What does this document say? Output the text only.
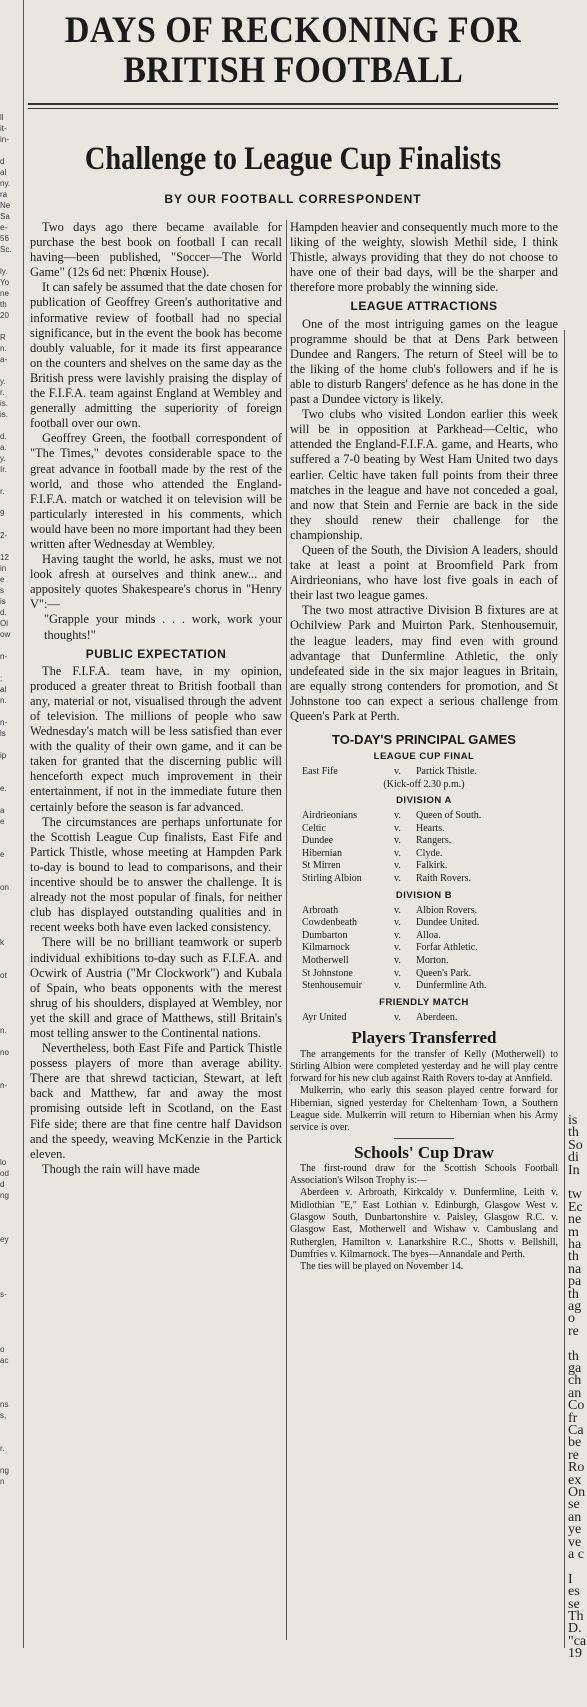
ll
it-
in-
d
al
ny.
ra
Ne
Sa
e-
56
Sc.
ly.
Yo
ne
th
20
R
n.
a-
y.
r.
is.
is.
d.
a.
y.
Ir.
r.
9
2-
12
in
e
s
is
d.
Ol
ow
n-
;
al
n.
n-
ls
ip
e.
a
e
e
on
k
ot
n.
no
n-
lo
od
d
ng
ey
s-
o
ac
ns
s,
r.
ng
n
is
th
So
di
In
tw
Ec
ne
m
ha
th
na
pa
th
ag
o
re
th
ga
ch
an
Co
fr
Ca
be
re
Ro
ex
On
se
an
ye
ve
a c
I
es
se
Th
D.
"ca
19
DAYS OF RECKONING FOR
BRITISH FOOTBALL
Challenge to League Cup Finalists
BY OUR FOOTBALL CORRESPONDENT

Two days ago there became available for purchase the best book on football I can recall having—been published, "Soccer—The World Game" (12s 6d net: Phœnix House).

It can safely be assumed that the date chosen for publication of Geoffrey Green's authoritative and informative review of football had no special significance, but in the event the book has become doubly valuable, for it made its first appearance on the counters and shelves on the same day as the British press were lavishly praising the display of the F.I.F.A. team against England at Wembley and generally admitting the superiority of foreign football over our own.

Geoffrey Green, the football correspondent of "The Times," devotes considerable space to the great advance in football made by the rest of the world, and those who attended the England-F.I.F.A. match or watched it on television will be particularly interested in his comments, which would have been no more important had they been written after Wednesday at Wembley.

Having taught the world, he asks, must we not look afresh at ourselves and think anew... and appositely quotes Shakespeare's chorus in "Henry V":—

"Grapple your minds . . . work, work your thoughts!"

PUBLIC EXPECTATION

The F.I.F.A. team have, in my opinion, produced a greater threat to British football than any, material or not, visualised through the advent of television. The millions of people who saw Wednesday's match will be less satisfied than ever with the quality of their own game, and it can be taken for granted that the discerning public will henceforth expect much improvement in their entertainment, if not in the immediate future then certainly before the season is far advanced.

The circumstances are perhaps unfortunate for the Scottish League Cup finalists, East Fife and Partick Thistle, whose meeting at Hampden Park to-day is bound to lead to comparisons, and their incentive should be to answer the challenge. It is already not the most popular of finals, for neither club has displayed outstanding qualities and in recent weeks both have even lacked consistency.

There will be no brilliant teamwork or superb individual exhibitions to-day such as F.I.F.A. and Ocwirk of Austria ("Mr Clockwork") and Kubala of Spain, who beats opponents with the merest shrug of his shoulders, displayed at Wembley, nor yet the skill and grace of Matthews, still Britain's most telling answer to the Continental nations.

Nevertheless, both East Fife and Partick Thistle possess players of more than average ability. There are that shrewd tactician, Stewart, at left back and Matthew, far and away the most promising outside left in Scotland, on the East Fife side; there are that fine centre half Davidson and the speedy, weaving McKenzie in the Partick eleven.

Though the rain will have made

Hampden heavier and consequently much more to the liking of the weighty, slowish Methil side, I think Thistle, always providing that they do not choose to have one of their bad days, will be the sharper and therefore more probably the winning side.

LEAGUE ATTRACTIONS

One of the most intriguing games on the league programme should be that at Dens Park between Dundee and Rangers. The return of Steel will be to the liking of the home club's followers and if he is able to disturb Rangers' defence as he has done in the past a Dundee victory is likely.

Two clubs who visited London earlier this week will be in opposition at Parkhead—Celtic, who attended the England-F.I.F.A. game, and Hearts, who suffered a 7-0 beating by West Ham United two days earlier. Celtic have taken full points from their three matches in the league and have not conceded a goal, and now that Stein and Fernie are back in the side they should renew their challenge for the championship.

Queen of the South, the Division A leaders, should take at least a point at Broomfield Park from Airdrieonians, who have lost five goals in each of their last two league games.

The two most attractive Division B fixtures are at Ochilview Park and Muirton Park. Stenhousemuir, the league leaders, may find even with ground advantage that Dunfermline Athletic, the only undefeated side in the six major leagues in Britain, are equally strong contenders for promotion, and St Johnstone too can expect a serious challenge from Queen's Park at Perth.

TO-DAY'S PRINCIPAL GAMES
LEAGUE CUP FINAL
East Fife	v.	Partick Thistle.
(Kick-off 2.30 p.m.)
DIVISION A
Airdrieonians	v.	Queen of South.
Celtic	v.	Hearts.
Dundee	v.	Rangers.
Hibernian	v.	Clyde.
St Mirren	v.	Falkirk.
Stirling Albion	v.	Raith Rovers.
DIVISION B
Arbroath	v.	Albion Rovers.
Cowdenbeath	v.	Dundee United.
Dumbarton	v.	Alloa.
Kilmarnock	v.	Forfar Athletic.
Motherwell	v.	Morton.
St Johnstone	v.	Queen's Park.
Stenhousemuir	v.	Dunfermline Ath.
FRIENDLY MATCH
Ayr United	v.	Aberdeen.
Players Transferred

The arrangements for the transfer of Kelly (Motherwell) to Stirling Albion were completed yesterday and he will play centre forward for his new club against Raith Rovers to-day at Annfield.

Mulkerrin, who early this season played centre forward for Hibernian, signed yesterday for Cheltenham Town, a Southern League side. Mulkerrin will return to Hibernian when his Army service is over.

Schools' Cup Draw

The first-round draw for the Scottish Schools Football Association's Wilson Trophy is:—

Aberdeen v. Arbroath, Kirkcaldy v. Dunfermline, Leith v. Midlothian "E," East Lothian v. Edinburgh, Glasgow West v. Glasgow South, Dunbartonshire v. Paisley, Glasgow R.C. v. Glasgow East, Motherwell and Wishaw v. Cambuslang and Rutherglen, Hamilton v. Lanarkshire R.C., Shotts v. Bellshill, Dumfries v. Kilmarnock. The byes—Annandale and Perth.

The ties will be played on November 14.
